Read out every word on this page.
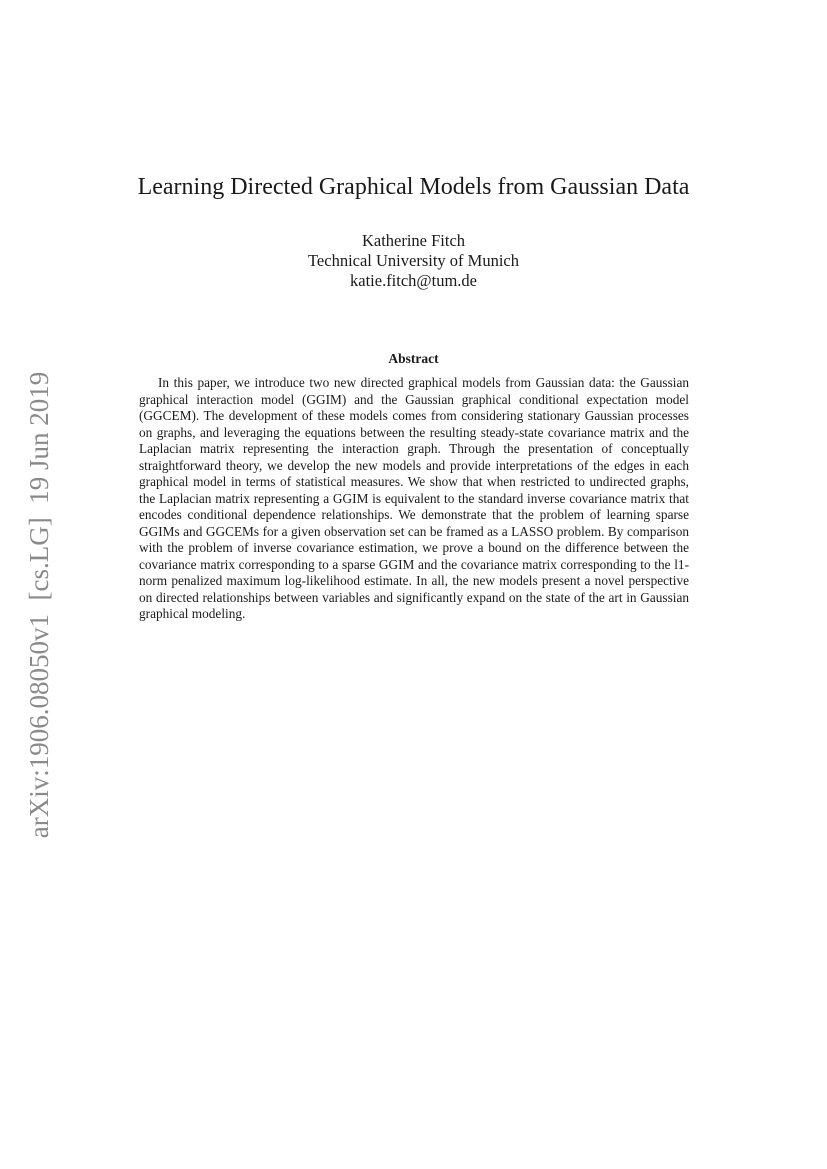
arXiv:1906.08050v1  [cs.LG]  19 Jun 2019
Learning Directed Graphical Models from Gaussian Data
Katherine Fitch
Technical University of Munich
katie.fitch@tum.de
Abstract

In this paper, we introduce two new directed graphical models from Gaussian data: the Gaussian graphical interaction model (GGIM) and the Gaussian graphical conditional expectation model (GGCEM). The development of these models comes from considering stationary Gaussian processes on graphs, and leveraging the equations between the resulting steady-state covariance matrix and the Laplacian matrix representing the interaction graph. Through the presentation of conceptually straightforward theory, we develop the new models and provide interpretations of the edges in each graphical model in terms of statistical measures. We show that when restricted to undirected graphs, the Laplacian matrix representing a GGIM is equivalent to the standard inverse covariance matrix that encodes conditional dependence relationships. We demonstrate that the problem of learning sparse GGIMs and GGCEMs for a given observation set can be framed as a LASSO problem. By comparison with the problem of inverse covariance estimation, we prove a bound on the difference between the covariance matrix corresponding to a sparse GGIM and the covariance matrix corresponding to the l1-norm penalized maximum log-likelihood estimate. In all, the new models present a novel perspective on directed relationships between variables and significantly expand on the state of the art in Gaussian graphical modeling.
